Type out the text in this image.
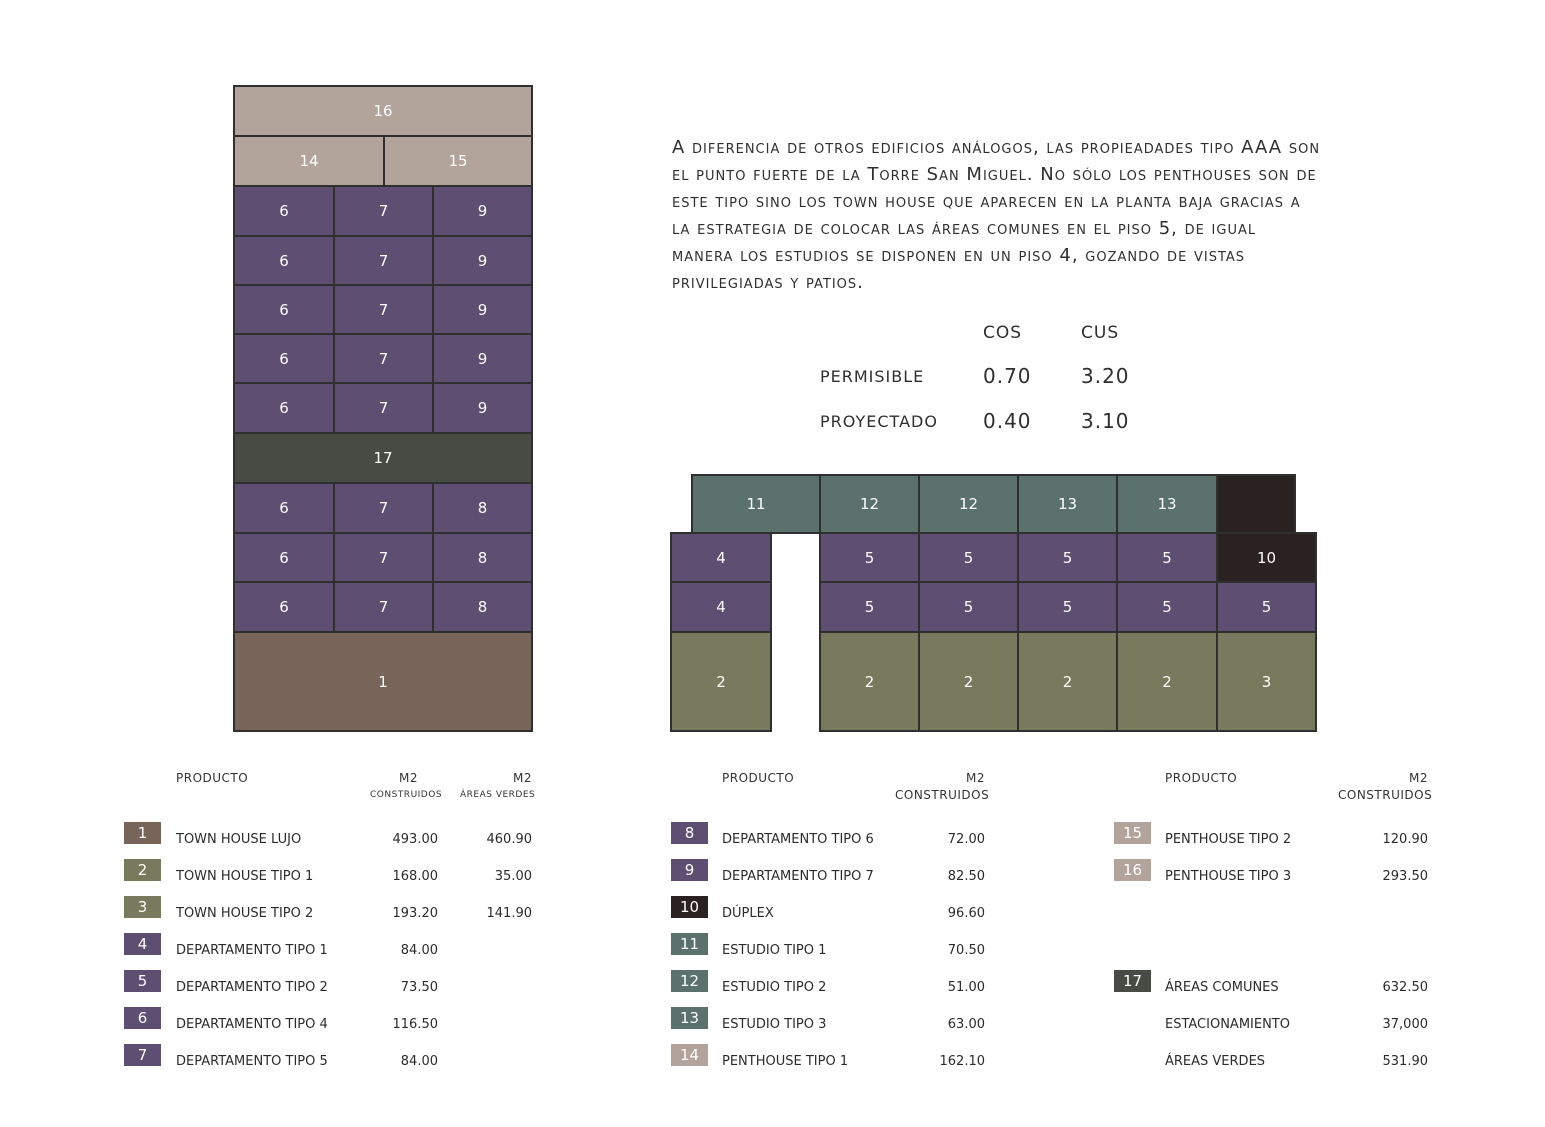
16
14	15
6	7	9
6	7	9
6	7	9
6	7	9
6	7	9
17
6	7	8
6	7	8
6	7	8
1
A diferencia de otros edificios análogos, las propieadades tipo AAA son el punto fuerte de la Torre San Miguel. No sólo los penthouses son de este tipo sino los town house que aparecen en la planta baja gracias a la estrategia de colocar las áreas comunes en el piso 5, de igual manera los estudios se disponen en un piso 4, gozando de vistas privilegiadas y patios.
COS	CUS
PERMISIBLE	0.70 3.20
PROYECTADO 0.40 3.10
11	12	12	13	13
4	5	5	5	5	10
4	5	5	5	5	5
2	2	2	2	2	3
PRODUCTO	M2
CONSTRUIDOS
M2
ÁREAS VERDES
1	TOWN HOUSE LUJO	493.00	460.90
2	TOWN HOUSE TIPO 1	168.00	35.00
3	TOWN HOUSE TIPO 2	193.20	141.90
4	DEPARTAMENTO TIPO 1	84.00
5	DEPARTAMENTO TIPO 2	73.50
6	DEPARTAMENTO TIPO 4	116.50
7	DEPARTAMENTO TIPO 5	84.00
PRODUCTO	M2
CONSTRUIDOS
8	DEPARTAMENTO TIPO 6	72.00
9	DEPARTAMENTO TIPO 7	82.50
10	DÚPLEX	96.60
11	ESTUDIO TIPO 1	70.50
12	ESTUDIO TIPO 2	51.00
13	ESTUDIO TIPO 3	63.00
14	PENTHOUSE TIPO 1	162.10
PRODUCTO	M2
CONSTRUIDOS
15	PENTHOUSE TIPO 2	120.90
16	PENTHOUSE TIPO 3	293.50
17	ÁREAS COMUNES	632.50
ESTACIONAMIENTO	37,000
ÁREAS VERDES	531.90
